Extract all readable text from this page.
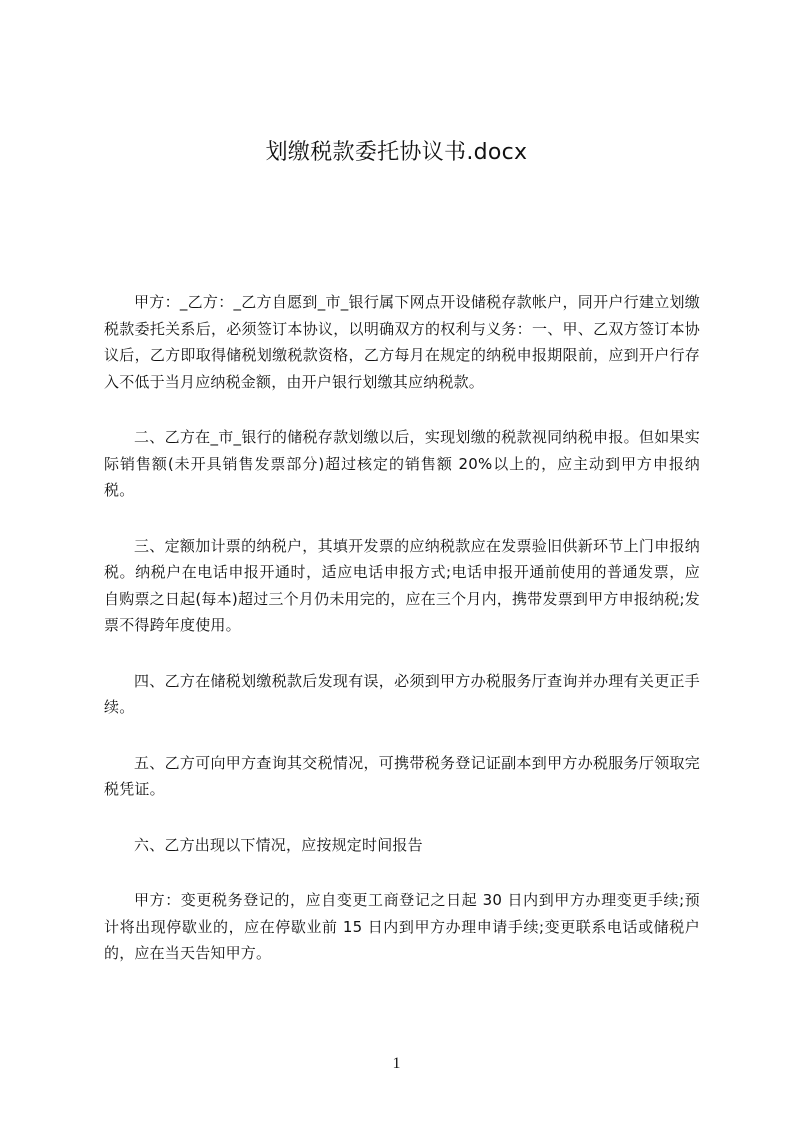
划缴税款委托协议书.docx

甲方：_乙方：_乙方自愿到_市_银行属下网点开设储税存款帐户，同开户行建立划缴税款委托关系后，必须签订本协议，以明确双方的权利与义务：一、甲、乙双方签订本协议后，乙方即取得储税划缴税款资格，乙方每月在规定的纳税申报期限前，应到开户行存入不低于当月应纳税金额，由开户银行划缴其应纳税款。

二、乙方在_市_银行的储税存款划缴以后，实现划缴的税款视同纳税申报。但如果实际销售额(未开具销售发票部分)超过核定的销售额 20%以上的，应主动到甲方申报纳税。

三、定额加计票的纳税户，其填开发票的应纳税款应在发票验旧供新环节上门申报纳税。纳税户在电话申报开通时，适应电话申报方式;电话申报开通前使用的普通发票，应自购票之日起(每本)超过三个月仍未用完的，应在三个月内，携带发票到甲方申报纳税;发票不得跨年度使用。

四、乙方在储税划缴税款后发现有误，必须到甲方办税服务厅查询并办理有关更正手续。

五、乙方可向甲方查询其交税情况，可携带税务登记证副本到甲方办税服务厅领取完税凭证。

六、乙方出现以下情况，应按规定时间报告

甲方：变更税务登记的，应自变更工商登记之日起 30 日内到甲方办理变更手续;预计将出现停歇业的，应在停歇业前 15 日内到甲方办理申请手续;变更联系电话或储税户的，应在当天告知甲方。

1
